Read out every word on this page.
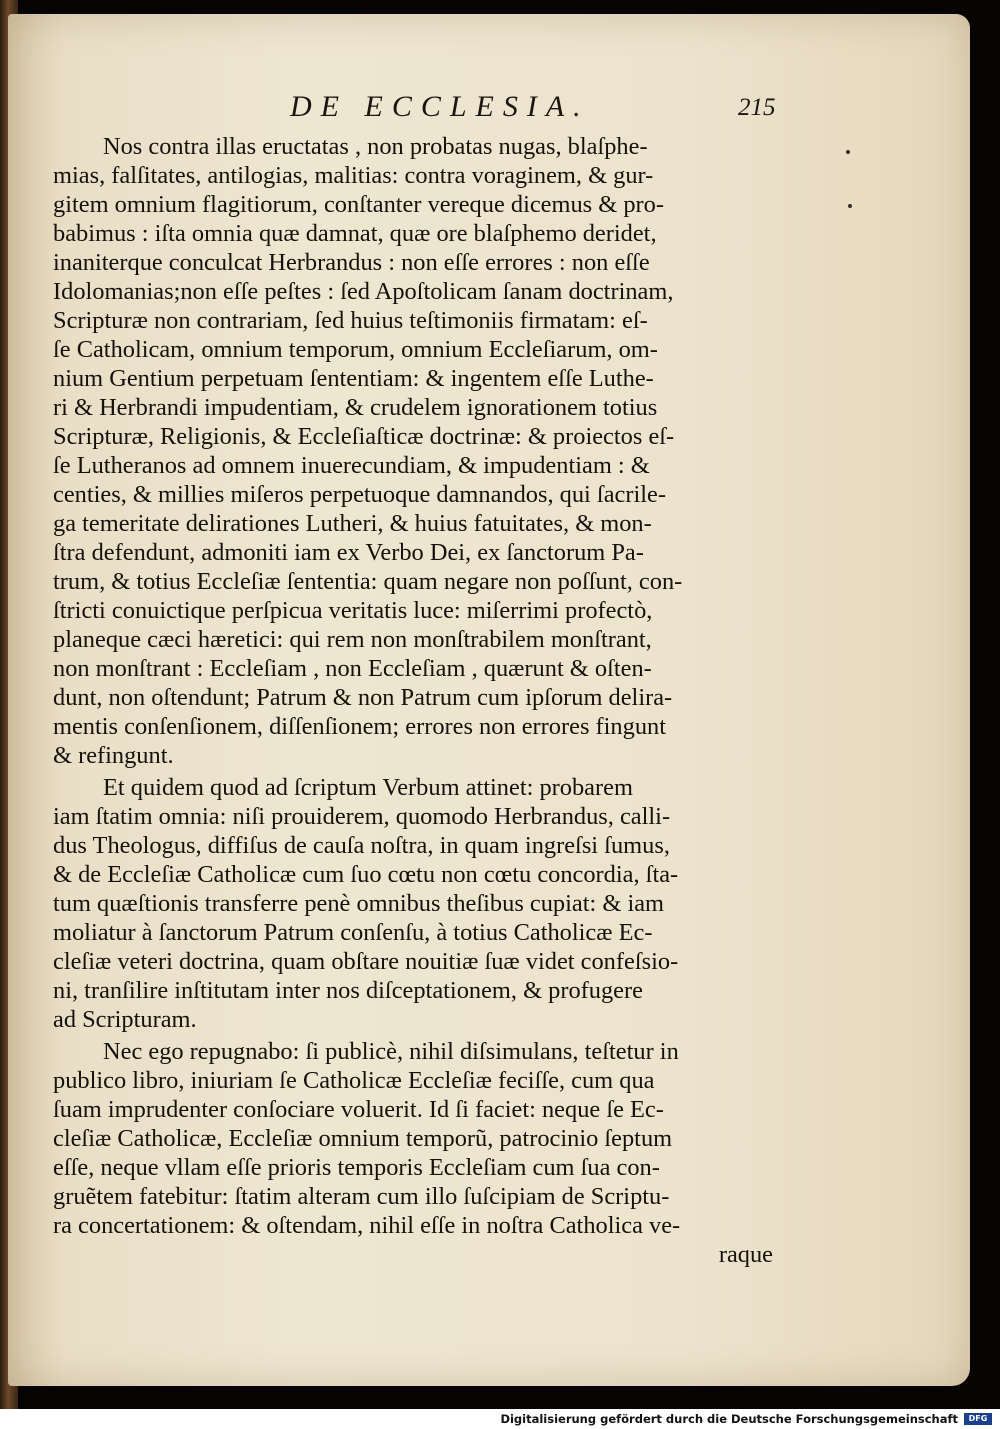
DE ECCLESIA.	215
Nos contra illas eructatas , non probatas nugas, blaſphe-
mias, falſitates, antilogias, malitias: contra voraginem, & gur-
gitem omnium flagitiorum, conſtanter vereque dicemus & pro-
babimus : iſta omnia quæ damnat, quæ ore blaſphemo deridet,
inaniterque conculcat Herbrandus : non eſſe errores : non eſſe
Idolomanias;non eſſe peſtes : ſed Apoſtolicam ſanam doctrinam,
Scripturæ non contrariam, ſed huius teſtimoniis firmatam: eſ-
ſe Catholicam, omnium temporum, omnium Eccleſiarum, om-
nium Gentium perpetuam ſententiam: & ingentem eſſe Luthe-
ri & Herbrandi impudentiam, & crudelem ignorationem totius
Scripturæ, Religionis, & Eccleſiaſticæ doctrinæ: & proiectos eſ-
ſe Lutheranos ad omnem inuerecundiam, & impudentiam : &
centies, & millies miſeros perpetuoque damnandos, qui ſacrile-
ga temeritate delirationes Lutheri, & huius fatuitates, & mon-
ſtra defendunt, admoniti iam ex Verbo Dei, ex ſanctorum Pa-
trum, & totius Eccleſiæ ſententia: quam negare non poſſunt, con-
ſtricti conuictique perſpicua veritatis luce: miſerrimi profectò,
planeque cæci hæretici: qui rem non monſtrabilem monſtrant,
non monſtrant : Eccleſiam , non Eccleſiam , quærunt & oſten-
dunt, non oſtendunt; Patrum & non Patrum cum ipſorum delira-
mentis conſenſionem, diſſenſionem; errores non errores fingunt
& refingunt.
Et quidem quod ad ſcriptum Verbum attinet: probarem
iam ſtatim omnia: niſi prouiderem, quomodo Herbrandus, calli-
dus Theologus, diffiſus de cauſa noſtra, in quam ingreſsi ſumus,
& de Eccleſiæ Catholicæ cum ſuo cœtu non cœtu concordia, ſta-
tum quæſtionis transferre penè omnibus theſibus cupiat: & iam
moliatur à ſanctorum Patrum conſenſu, à totius Catholicæ Ec-
cleſiæ veteri doctrina, quam obſtare nouitiæ ſuæ videt confeſsio-
ni, tranſilire inſtitutam inter nos diſceptationem, & profugere
ad Scripturam.
Nec ego repugnabo: ſi publicè, nihil diſsimulans, teſtetur in
publico libro, iniuriam ſe Catholicæ Eccleſiæ feciſſe, cum qua
ſuam imprudenter conſociare voluerit. Id ſi faciet: neque ſe Ec-
cleſiæ Catholicæ, Eccleſiæ omnium temporũ, patrocinio ſeptum
eſſe, neque vllam eſſe prioris temporis Eccleſiam cum ſua con-
gruẽtem fatebitur: ſtatim alteram cum illo ſuſcipiam de Scriptu-
ra concertationem: & oſtendam, nihil eſſe in noſtra Catholica ve-
raque
Digitalisierung gefördert durch die Deutsche Forschungsgemeinschaft	DFG
